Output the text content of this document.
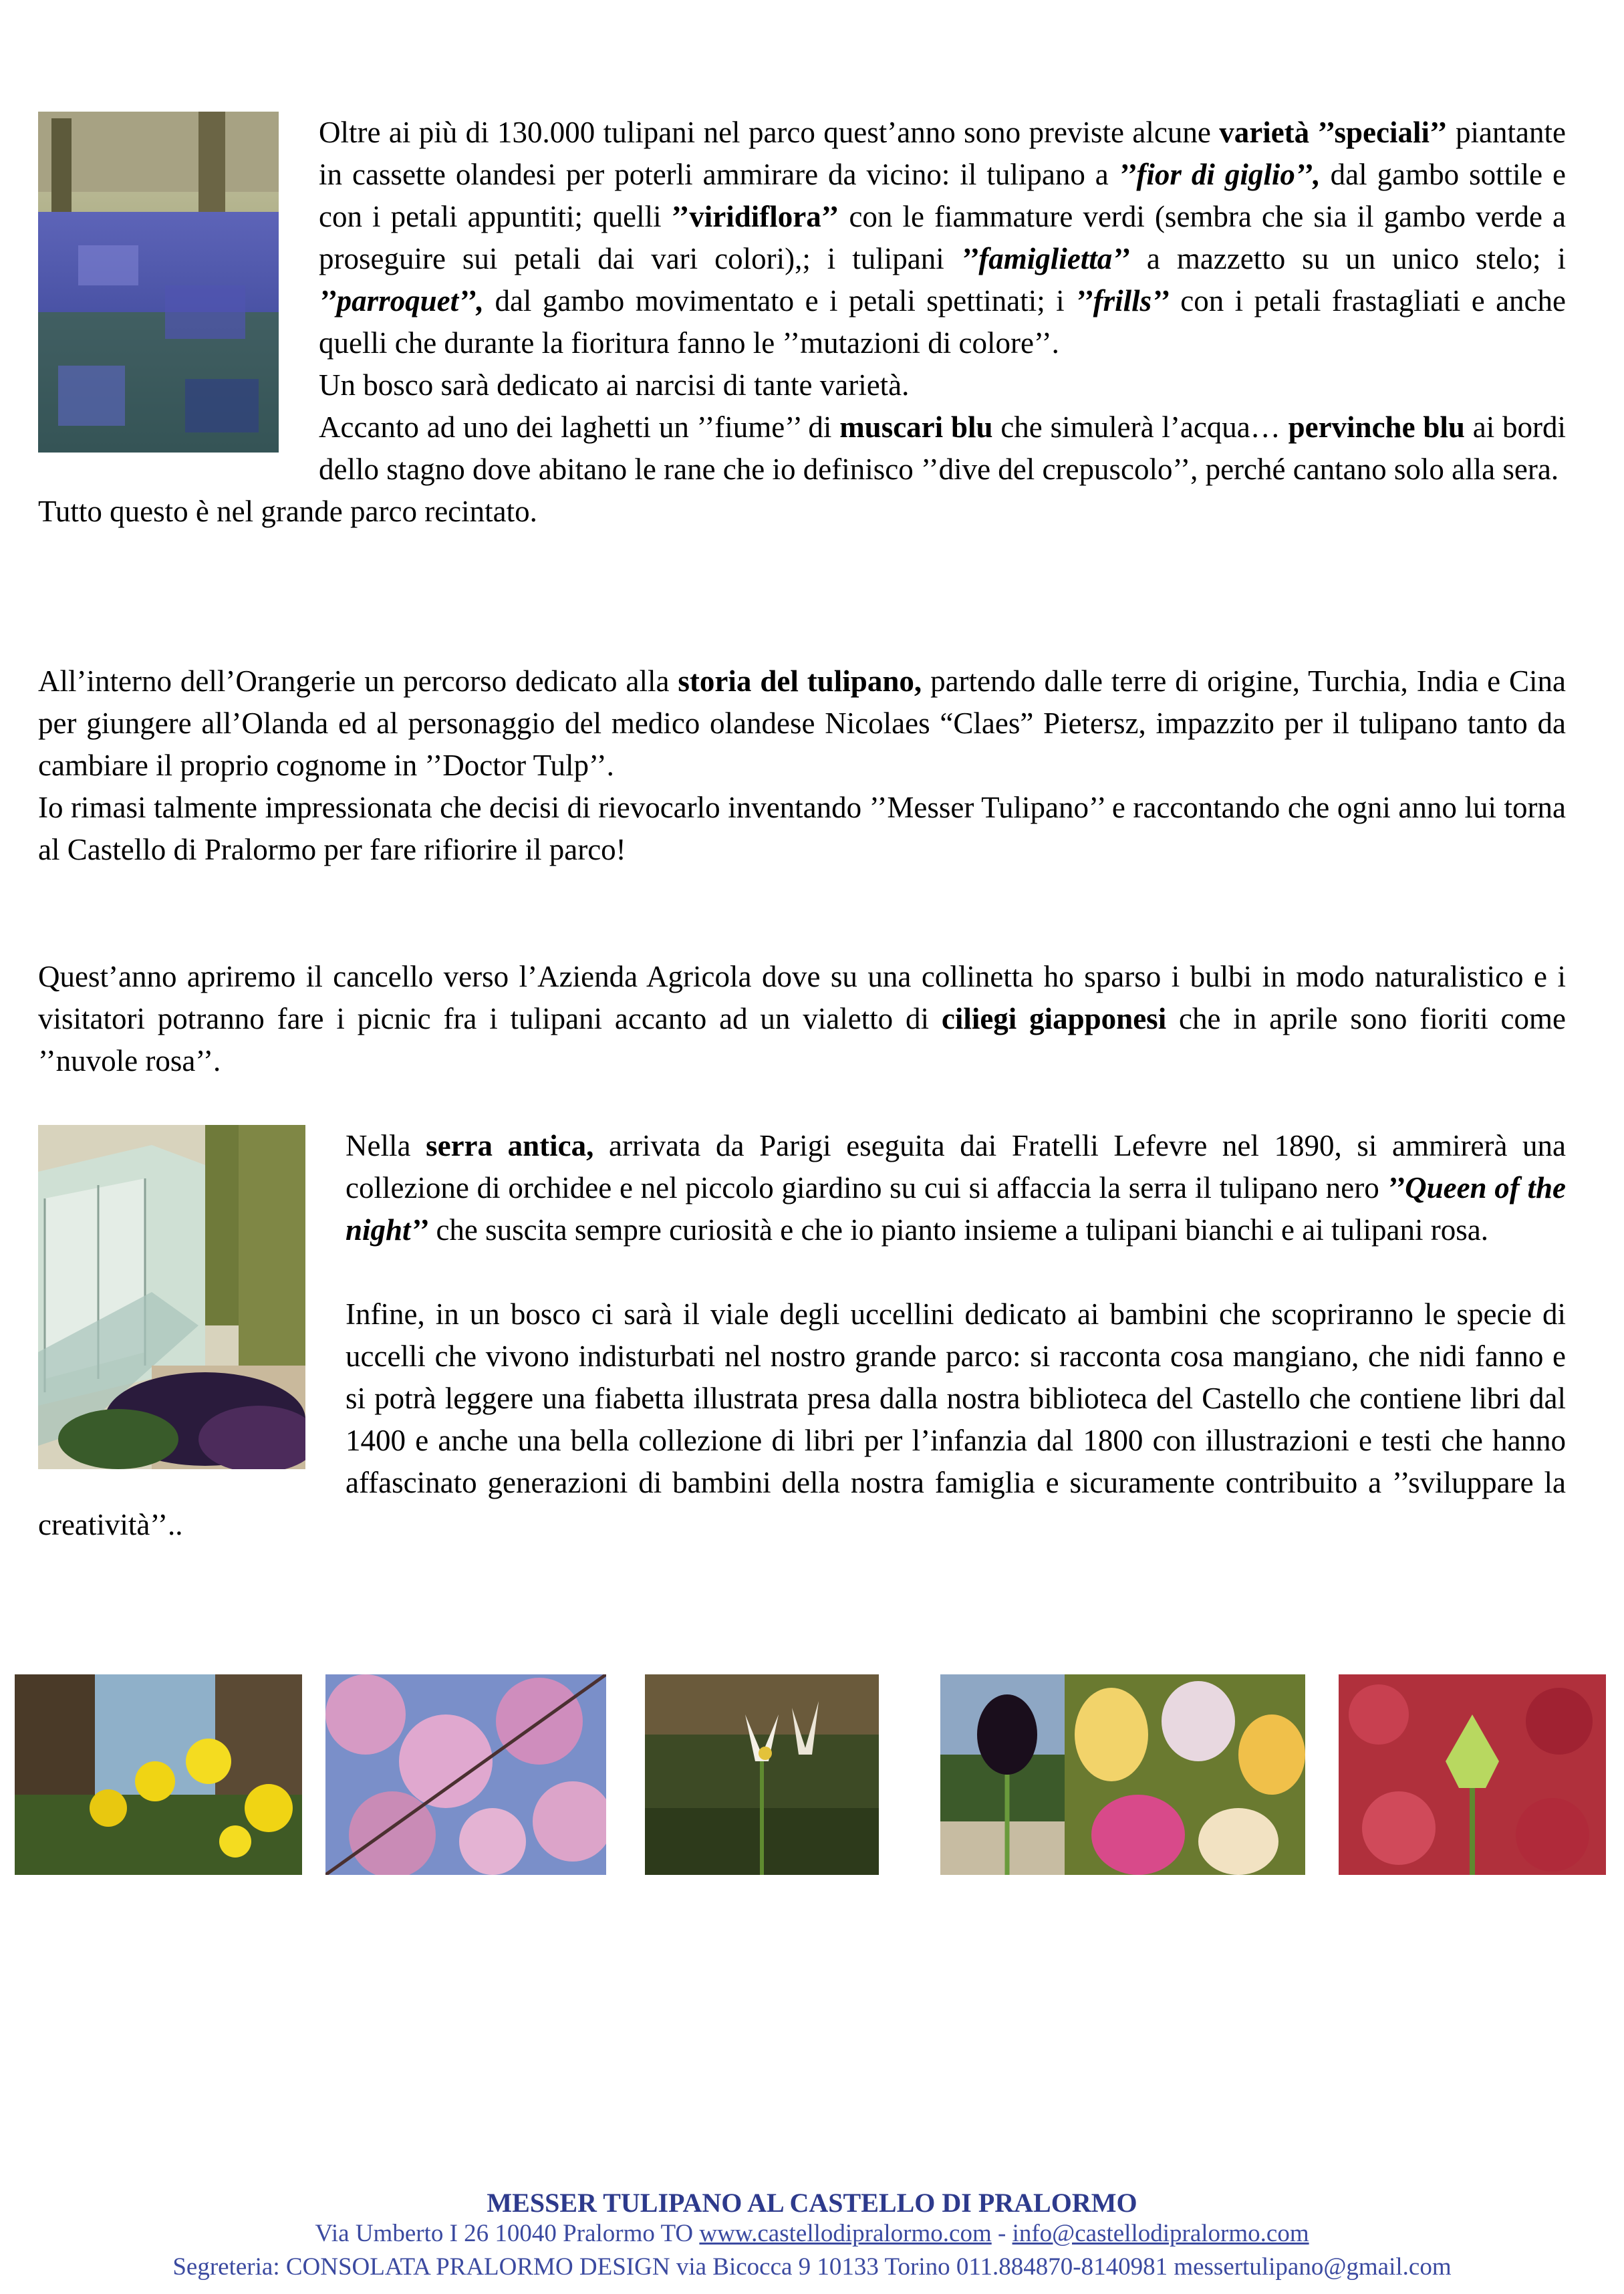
Oltre ai più di 130.000 tulipani nel parco quest’anno sono previste alcune varietà ’’speciali’’ piantante in cassette olandesi per poterli ammirare da vicino: il tulipano a ’’fior di giglio’’, dal gambo sottile e con i petali appuntiti; quelli ’’viridiflora’’ con le fiammature verdi (sembra che sia il gambo verde a proseguire sui petali dai vari colori),; i tulipani ’’famiglietta’’ a mazzetto su un unico stelo; i ’’parroquet’’, dal gambo movimentato e i petali spettinati; i ’’frills’’ con i petali frastagliati e anche quelli che durante la fioritura fanno le ’’mutazioni di colore’’.

Un bosco sarà dedicato ai narcisi di tante varietà.

Accanto ad uno dei laghetti un ’’fiume’’ di muscari blu che simulerà l’acqua… pervinche blu ai bordi dello stagno dove abitano le rane che io definisco ’’dive del crepuscolo’’, perché cantano solo alla sera.

Tutto questo è nel grande parco recintato.

All’interno dell’Orangerie un percorso dedicato alla storia del tulipano, partendo dalle terre di origine, Turchia, India e Cina per giungere all’Olanda ed al personaggio del medico olandese Nicolaes “Claes” Pietersz, impazzito per il tulipano tanto da cambiare il proprio cognome in ’’Doctor Tulp’’.

Io rimasi talmente impressionata che decisi di rievocarlo inventando ’’Messer Tulipano’’ e raccontando che ogni anno lui torna al Castello di Pralormo per fare rifiorire il parco!

Quest’anno apriremo il cancello verso l’Azienda Agricola dove su una collinetta ho sparso i bulbi in modo naturalistico e i visitatori potranno fare i picnic fra i tulipani accanto ad un vialetto di ciliegi giapponesi che in aprile sono fioriti come ’’nuvole rosa’’.

Nella serra antica, arrivata da Parigi eseguita dai Fratelli Lefevre nel 1890, si ammirerà una collezione di orchidee e nel piccolo giardino su cui si affaccia la serra il tulipano nero ’’Queen of the night’’ che suscita sempre curiosità e che io pianto insieme a tulipani bianchi e ai tulipani rosa.

Infine, in un bosco ci sarà il viale degli uccellini dedicato ai bambini che scopriranno le specie di uccelli che vivono indisturbati nel nostro grande parco: si racconta cosa mangiano, che nidi fanno e si potrà leggere una fiabetta illustrata presa dalla nostra biblioteca del Castello che contiene libri dal 1400 e anche una bella collezione di libri per l’infanzia dal 1800 con illustrazioni e testi che hanno affascinato generazioni di bambini della nostra famiglia e sicuramente contribuito a ’’sviluppare la creatività’’..

MESSER TULIPANO AL CASTELLO DI PRALORMO
Via Umberto I 26 10040 Pralormo TO www.castellodipralormo.com - info@castellodipralormo.com
Segreteria: CONSOLATA PRALORMO DESIGN via Bicocca 9 10133 Torino 011.884870-8140981 messertulipano@gmail.com
